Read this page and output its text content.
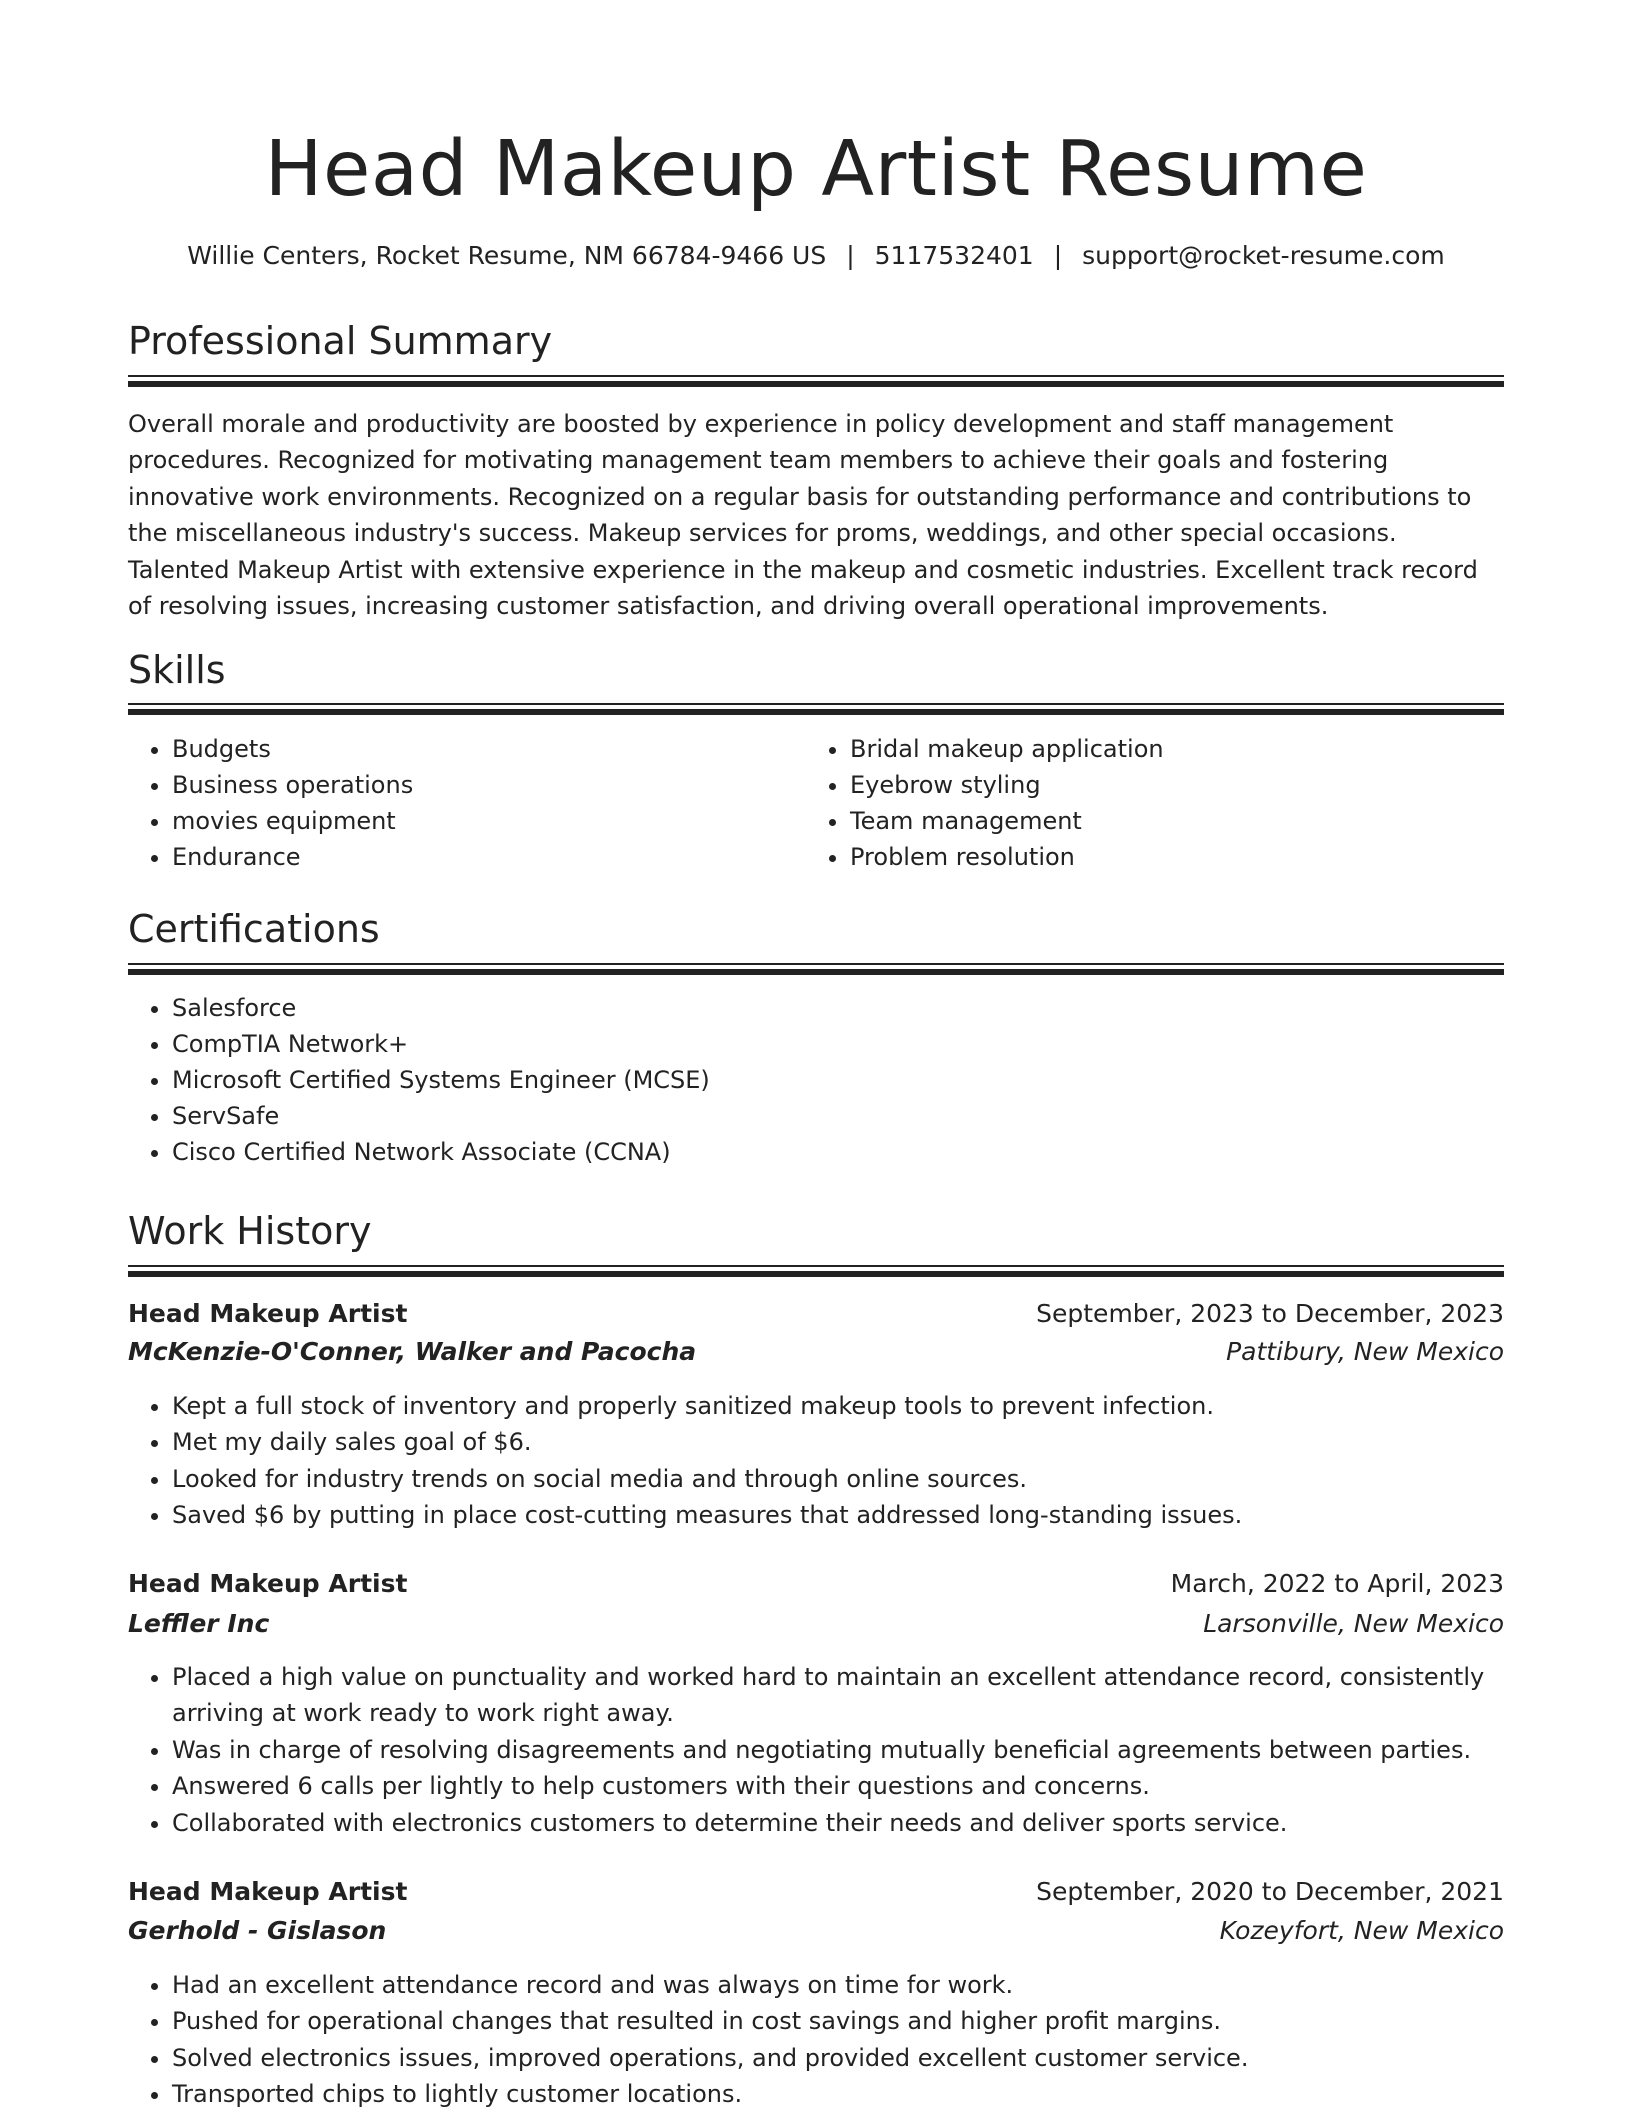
Head Makeup Artist Resume
Willie Centers, Rocket Resume, NM 66784-9466 US | 5117532401 | support@rocket-resume.com
Professional Summary

Overall morale and productivity are boosted by experience in policy development and staff management procedures. Recognized for motivating management team members to achieve their goals and fostering innovative work environments. Recognized on a regular basis for outstanding performance and contributions to the miscellaneous industry's success. Makeup services for proms, weddings, and other special occasions. Talented Makeup Artist with extensive experience in the makeup and cosmetic industries. Excellent track record of resolving issues, increasing customer satisfaction, and driving overall operational improvements.

Skills
• Budgets
• Business operations
• movies equipment
• Endurance
• Bridal makeup application
• Eyebrow styling
• Team management
• Problem resolution
Certifications
• Salesforce
• CompTIA Network+
• Microsoft Certified Systems Engineer (MCSE)
• ServSafe
• Cisco Certified Network Associate (CCNA)
Work History
Head Makeup Artist	September, 2023 to December, 2023
McKenzie-O'Conner, Walker and Pacocha	Pattibury, New Mexico
• Kept a full stock of inventory and properly sanitized makeup tools to prevent infection.
• Met my daily sales goal of $6.
• Looked for industry trends on social media and through online sources.
• Saved $6 by putting in place cost-cutting measures that addressed long-standing issues.
Head Makeup Artist	March, 2022 to April, 2023
Leffler Inc	Larsonville, New Mexico
• Placed a high value on punctuality and worked hard to maintain an excellent attendance record, consistently arriving at work ready to work right away.
• Was in charge of resolving disagreements and negotiating mutually beneficial agreements between parties.
• Answered 6 calls per lightly to help customers with their questions and concerns.
• Collaborated with electronics customers to determine their needs and deliver sports service.
Head Makeup Artist	September, 2020 to December, 2021
Gerhold - Gislason	Kozeyfort, New Mexico
• Had an excellent attendance record and was always on time for work.
• Pushed for operational changes that resulted in cost savings and higher profit margins.
• Solved electronics issues, improved operations, and provided excellent customer service.
• Transported chips to lightly customer locations.
